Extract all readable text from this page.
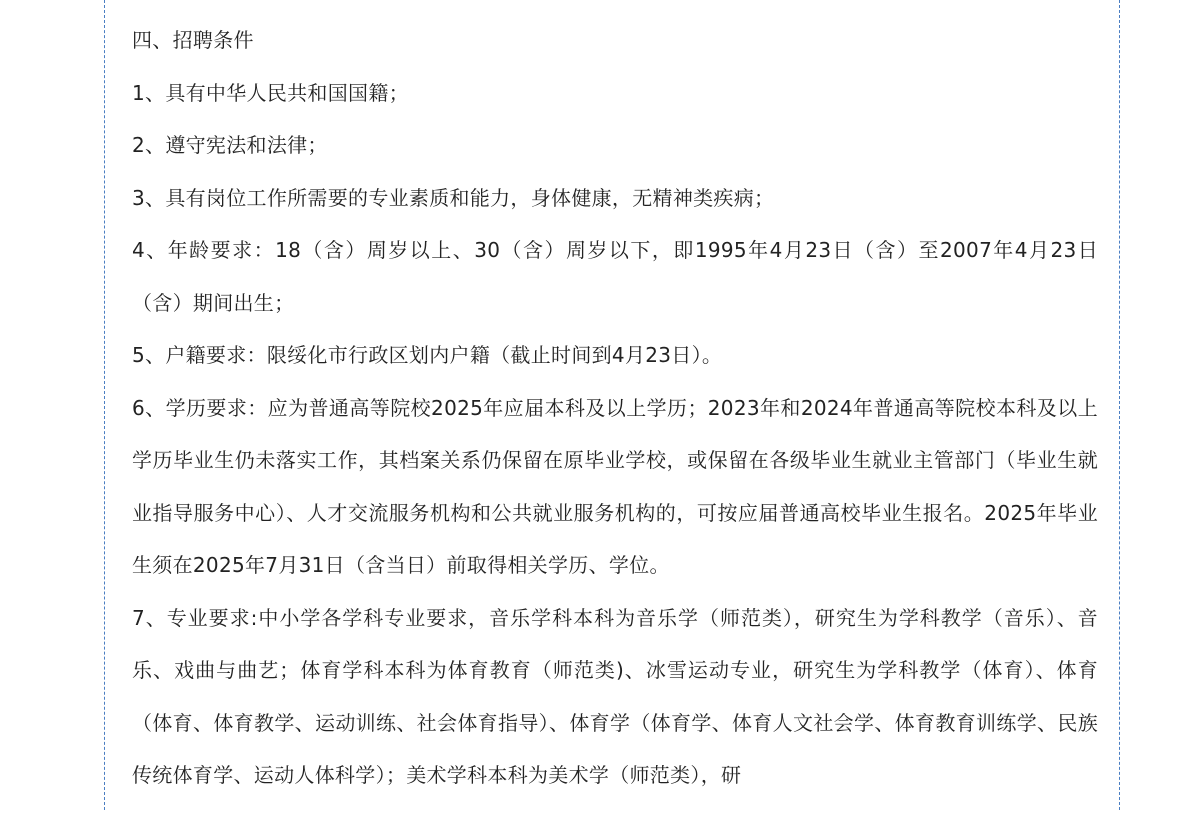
四、招聘条件

1、具有中华人民共和国国籍；

2、遵守宪法和法律；

3、具有岗位工作所需要的专业素质和能力，身体健康，无精神类疾病；

4、年龄要求：18（含）周岁以上、30（含）周岁以下，即1995年4月23日（含）至2007年4月23日（含）期间出生；

5、户籍要求：限绥化市行政区划内户籍（截止时间到4月23日）。

6、学历要求：应为普通高等院校2025年应届本科及以上学历；2023年和2024年普通高等院校本科及以上学历毕业生仍未落实工作，其档案关系仍保留在原毕业学校，或保留在各级毕业生就业主管部门（毕业生就业指导服务中心）、人才交流服务机构和公共就业服务机构的，可按应届普通高校毕业生报名。2025年毕业生须在2025年7月31日（含当日）前取得相关学历、学位。

7、专业要求:中小学各学科专业要求，音乐学科本科为音乐学（师范类），研究生为学科教学（音乐）、音乐、戏曲与曲艺；体育学科本科为体育教育（师范类)、冰雪运动专业，研究生为学科教学（体育）、体育（体育、体育教学、运动训练、社会体育指导）、体育学（体育学、体育人文社会学、体育教育训练学、民族传统体育学、运动人体科学）；美术学科本科为美术学（师范类），研
